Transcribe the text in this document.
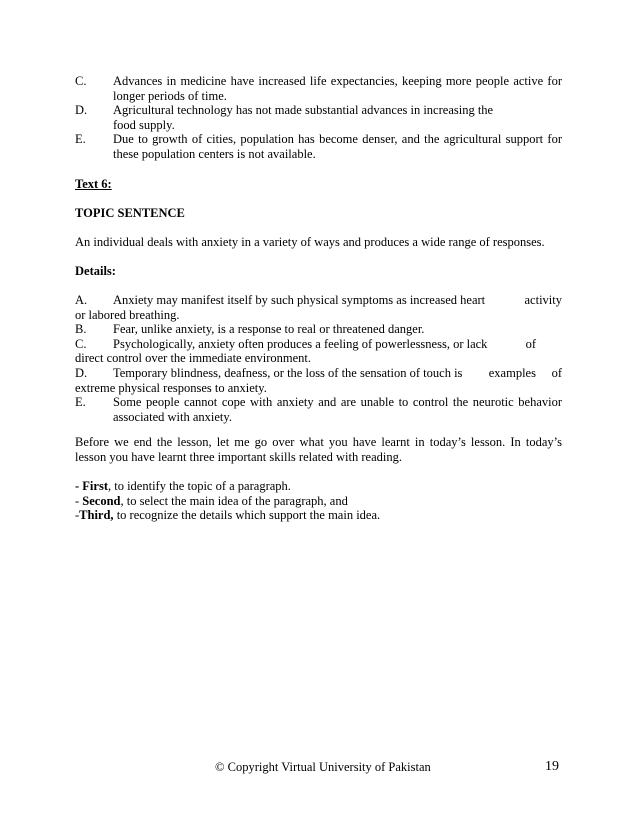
C.	Advances in medicine have increased life expectancies, keeping more people active for longer periods of time.
D.	Agricultural technology has not made substantial advances in increasing the food supply.
E.	Due to growth of cities, population has become denser, and the agricultural support for these population centers is not available.
Text 6:
TOPIC SENTENCE
An individual deals with anxiety in a variety of ways and produces a wide range of responses.
Details:
A.	Anxiety may manifest itself by such physical symptoms as increased heart	activity
or labored breathing.
B.	Fear, unlike anxiety, is a response to real or threatened danger.
C.	Psychologically, anxiety often produces a feeling of powerlessness, or lack	of
direct control over the immediate environment.
D.	Temporary blindness, deafness, or the loss of the sensation of touch is examples     of
extreme physical responses to anxiety.
E.	Some people cannot cope with anxiety and are unable to control the neurotic behavior associated with anxiety.
Before we end the lesson, let me go over what you have learnt in today’s lesson. In today’s lesson you have learnt three important skills related with reading.
- First, to identify the topic of a paragraph.
- Second, to select the main idea of the paragraph, and
-Third, to recognize the details which support the main idea.
© Copyright Virtual University of Pakistan	19
